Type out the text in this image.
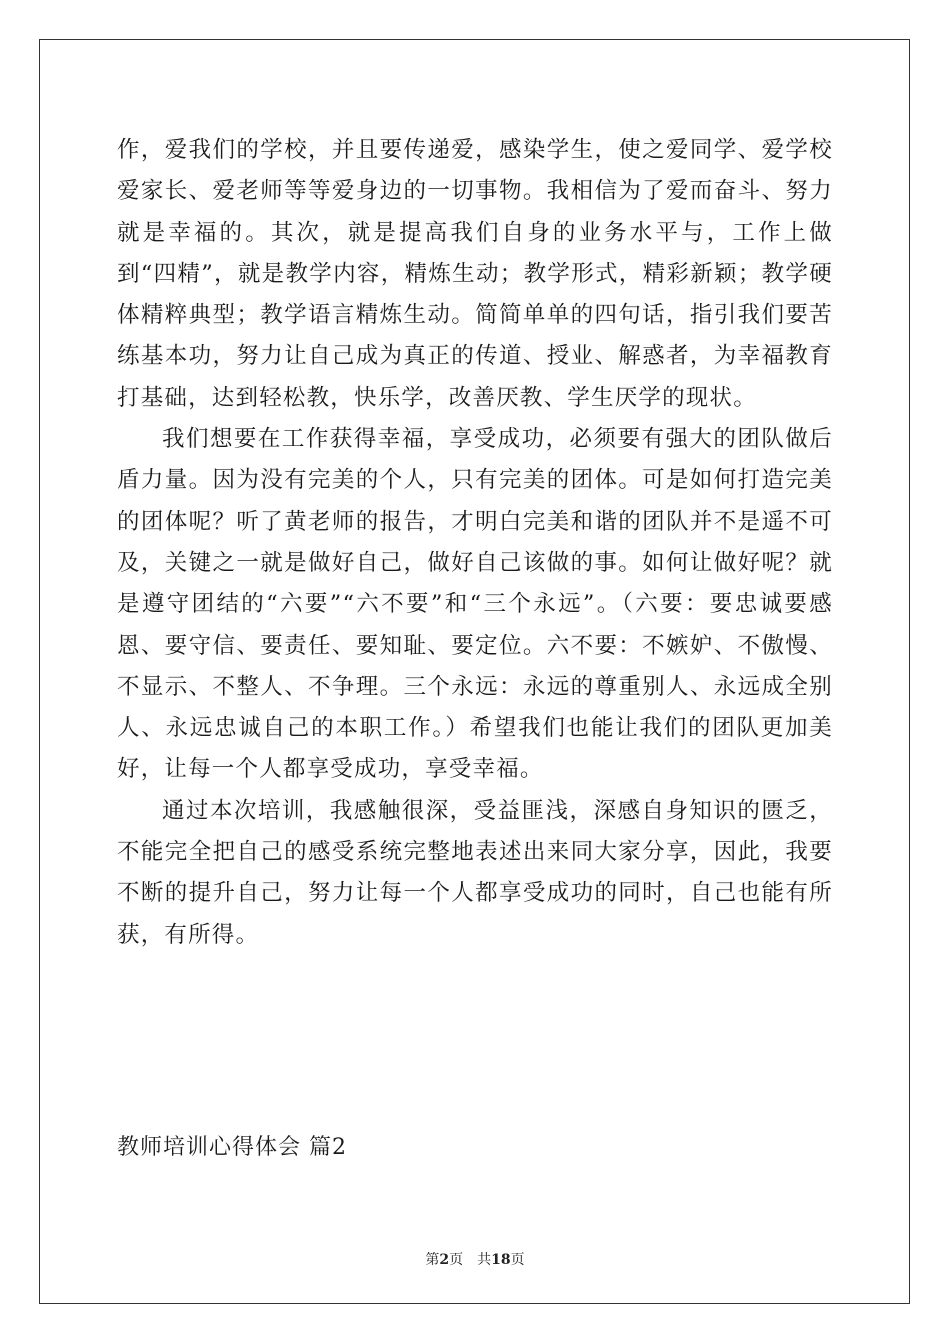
作，爱我们的学校，并且要传递爱，感染学生，使之爱同学、爱学校爱家长、爱老师等等爱身边的一切事物。我相信为了爱而奋斗、努力就是幸福的。其次，就是提高我们自身的业务水平与，工作上做到“四精”，就是教学内容，精炼生动；教学形式，精彩新颖；教学硬体精粹典型；教学语言精炼生动。简简单单的四句话，指引我们要苦练基本功，努力让自己成为真正的传道、授业、解惑者，为幸福教育打基础，达到轻松教，快乐学，改善厌教、学生厌学的现状。

我们想要在工作获得幸福，享受成功，必须要有强大的团队做后盾力量。因为没有完美的个人，只有完美的团体。可是如何打造完美的团体呢？听了黄老师的报告，才明白完美和谐的团队并不是遥不可及，关键之一就是做好自己，做好自己该做的事。如何让做好呢？就是遵守团结的“六要”“六不要”和“三个永远”。（六要：要忠诚要感恩、要守信、要责任、要知耻、要定位。六不要：不嫉妒、不傲慢、不显示、不整人、不争理。三个永远：永远的尊重别人、永远成全别人、永远忠诚自己的本职工作。）希望我们也能让我们的团队更加美好，让每一个人都享受成功，享受幸福。

通过本次培训，我感触很深，受益匪浅，深感自身知识的匮乏，不能完全把自己的感受系统完整地表述出来同大家分享，因此，我要不断的提升自己，努力让每一个人都享受成功的同时，自己也能有所获，有所得。

教师培训心得体会 篇2
第2页 共18页
